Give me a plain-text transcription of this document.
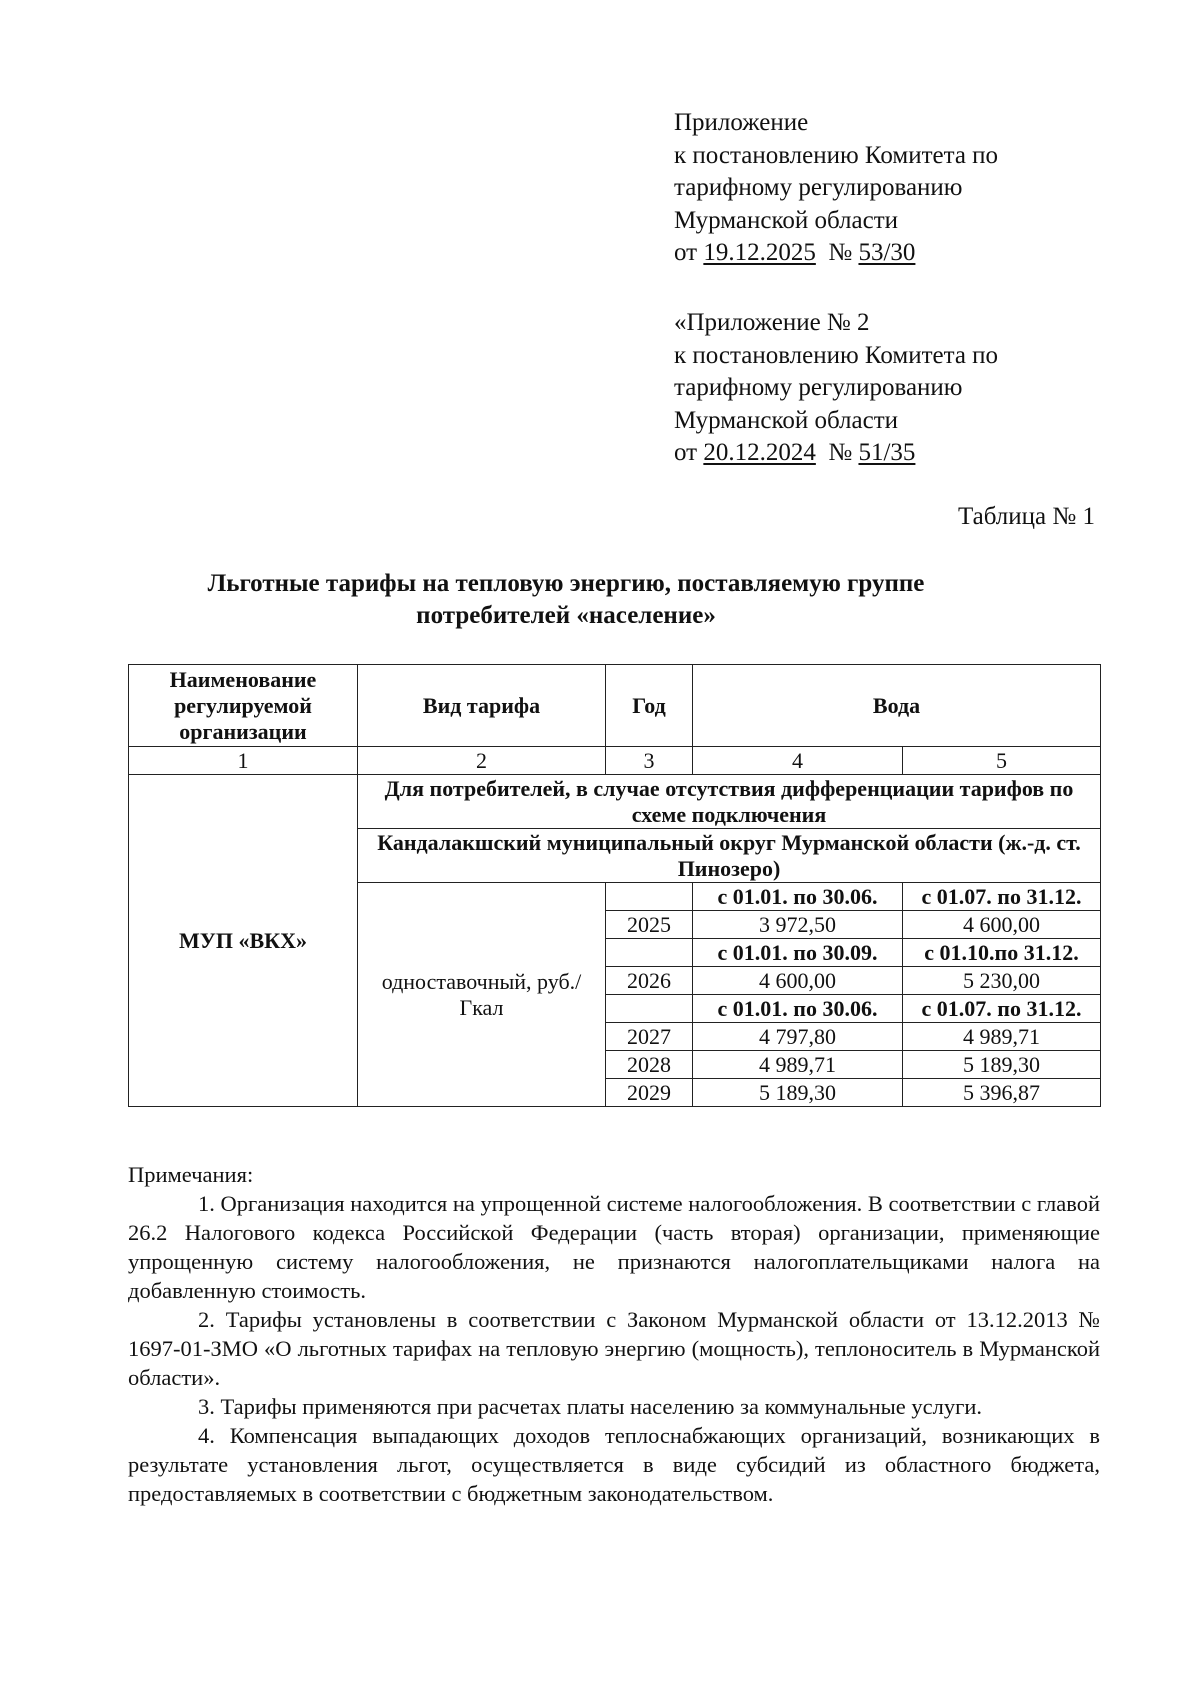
Приложение
к постановлению Комитета по
тарифному регулированию
Мурманской области
от 19.12.2025 № 53/30
«Приложение № 2
к постановлению Комитета по
тарифному регулированию
Мурманской области
от 20.12.2024 № 51/35
Таблица № 1
Льготные тарифы на тепловую энергию, поставляемую группе
потребителей «население»
Наименование регулируемой организации	Вид тарифа	Год	Вода	
1	2	3	4	5
МУП «ВКХ»	Для потребителей, в случае отсутствия дифференциации тарифов по схеме подключения			
	Кандалакшский муниципальный округ Мурманской области (ж.-д. ст. Пинозеро)			
	одноставочный, руб./Гкал		с 01.01. по 30.06.	с 01.07. по 31.12.
		2025	3 972,50	4 600,00
			с 01.01. по 30.09.	с 01.10.по 31.12.
		2026	4 600,00	5 230,00
			с 01.01. по 30.06.	с 01.07. по 31.12.
		2027	4 797,80	4 989,71
		2028	4 989,71	5 189,30
		2029	5 189,30	5 396,87

Примечания:

1. Организация находится на упрощенной системе налогообложения. В соответствии с главой 26.2 Налогового кодекса Российской Федерации (часть вторая) организации, применяющие упрощенную систему налогообложения, не признаются налогоплательщиками налога на добавленную стоимость.

2. Тарифы установлены в соответствии с Законом Мурманской области от 13.12.2013 № 1697-01-ЗМО «О льготных тарифах на тепловую энергию (мощность), теплоноситель в Мурманской области».

3. Тарифы применяются при расчетах платы населению за коммунальные услуги.

4. Компенсация выпадающих доходов теплоснабжающих организаций, возникающих в результате установления льгот, осуществляется в виде субсидий из областного бюджета, предоставляемых в соответствии с бюджетным законодательством.
